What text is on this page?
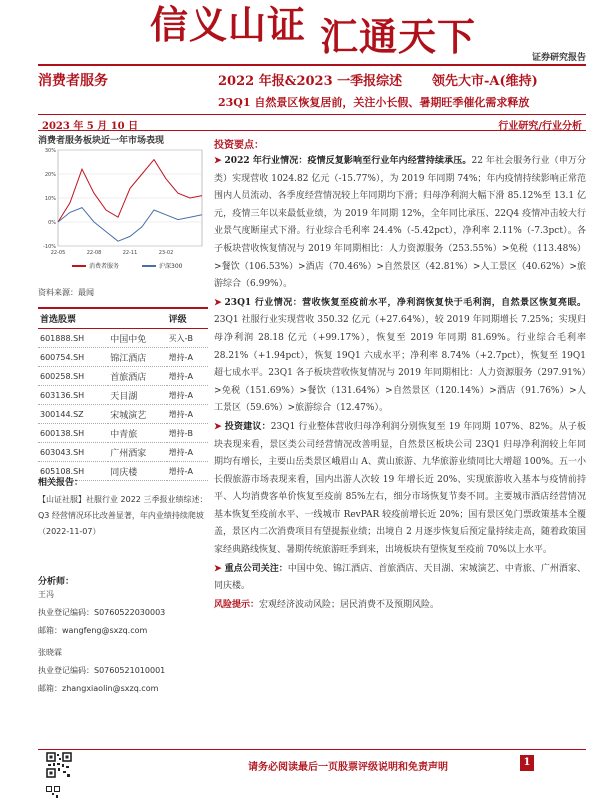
信义山证 汇通天下	证券研究报告
消费者服务	2022 年报&2023 一季报综述 领先大市-A(维持)
23Q1 自然景区恢复居前，关注小长假、暑期旺季催化需求释放
2023 年 5 月 10 日	行业研究/行业分析
消费者服务板块近一年市场表现
30%
20%
10%
0%
-10%
22-05	22-08	22-11	23-02
消费者服务	沪深300
资料来源：最闻
首选股票		评级
601888.SH	中国中免	买入-B
600754.SH	锦江酒店	增持-A
600258.SH	首旅酒店	增持-A
603136.SH	天目湖	增持-A
300144.SZ	宋城演艺	增持-A
600138.SH	中青旅	增持-B
603043.SH	广州酒家	增持-A
605108.SH	同庆楼	增持-A
相关报告：
【山证社服】社服行业 2022 三季报业绩综述：Q3 经营情况环比改善显著，年内业绩持续爬坡（2022-11-07）
分析师：
王冯
执业登记编码：S0760522030003
邮箱：wangfeng@sxzq.com
张晓霖
执业登记编码：S0760521010001
邮箱：zhangxiaolin@sxzq.com
投资要点：

➤ 2022 年行业情况：疫情反复影响至行业年内经营持续承压。22 年社会服务行业（申万分类）实现营收 1024.82 亿元（-15.77%），为 2019 年同期 74%；年内疫情持续影响正常范围内人员流动、各季度经营情况较上年同期均下滑；归母净利润大幅下滑 85.12%至 13.1 亿元，疫情三年以来最低业绩，为 2019 年同期 12%，全年同比承压、22Q4 疫情冲击较大行业景气度断崖式下滑。行业综合毛利率 24.4%（-5.42pct），净利率 2.11%（-7.3pct）。各子板块营收恢复情况与 2019 年同期相比：人力资源服务（253.55%）>免税（113.48%）>餐饮（106.53%）>酒店（70.46%）>自然景区（42.81%）>人工景区（40.62%）>旅游综合（6.99%）。

➤ 23Q1 行业情况：营收恢复至疫前水平，净利润恢复快于毛利润，自然景区恢复亮眼。23Q1 社服行业实现营收 350.32 亿元（+27.64%），较 2019 年同期增长 7.25%；实现归母净利润 28.18 亿元（+99.17%），恢复至 2019 年同期 81.69%。行业综合毛利率 28.21%（+1.94pct），恢复 19Q1 六成水平；净利率 8.74%（+2.7pct），恢复至 19Q1 超七成水平。23Q1 各子板块营收恢复情况与 2019 年同期相比：人力资源服务（297.91%）>免税（151.69%）>餐饮（131.64%）>自然景区（120.14%）>酒店（91.76%）>人工景区（59.6%）>旅游综合（12.47%）。

➤ 投资建议：23Q1 行业整体营收归母净利润分别恢复至 19 年同期 107%、82%。从子板块表现来看，景区类公司经营情况改善明显，自然景区板块公司 23Q1 归母净利润较上年同期均有增长，主要山岳类景区峨眉山 A、黄山旅游、九华旅游业绩同比大增超 100%。五一小长假旅游市场表现来看，国内出游人次较 19 年增长近 20%、实现旅游收入基本与疫情前持平、人均消费客单价恢复至疫前 85%左右，细分市场恢复节奏不同。主要城市酒店经营情况基本恢复至疫前水平、一线城市 RevPAR 较疫前增长近 20%；国有景区免门票政策基本全覆盖，景区内二次消费项目有望提振业绩；出境自 2 月逐步恢复后预定量持续走高，随着政策国家经典路线恢复、暑期传统旅游旺季到来，出境板块有望恢复至疫前 70%以上水平。

➤ 重点公司关注：中国中免、锦江酒店、首旅酒店、天目湖、宋城演艺、中青旅、广州酒家、同庆楼。

风险提示：宏观经济波动风险；居民消费不及预期风险。

请务必阅读最后一页股票评级说明和免责声明	1
